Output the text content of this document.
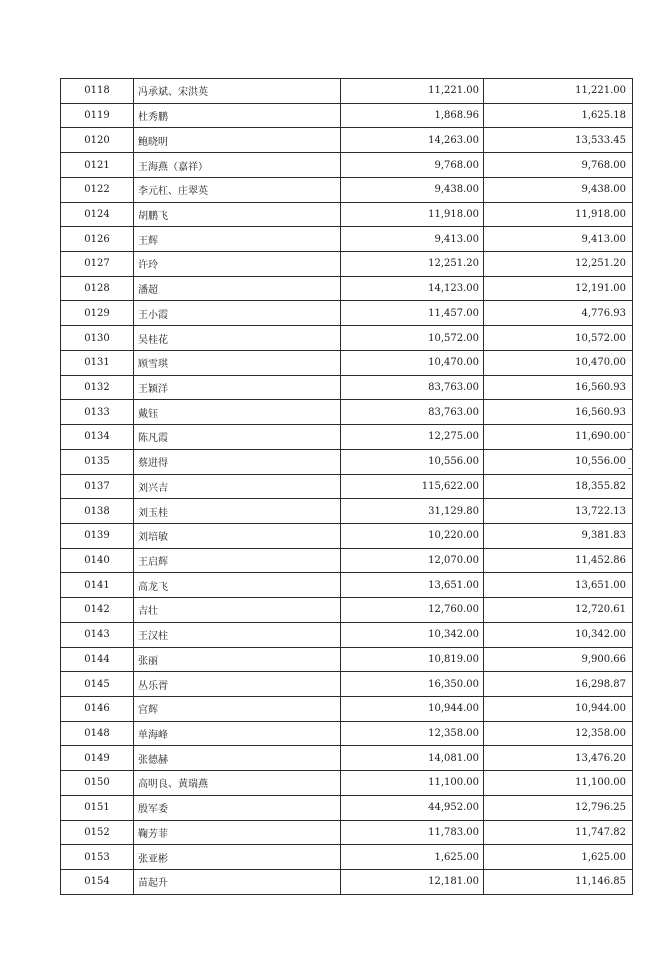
0118	冯承斌、宋洪英	11,221.00	11,221.00
0119	杜秀鹏	1,868.96	1,625.18
0120	鲍晓明	14,263.00	13,533.45
0121	王海燕（嘉祥）	9,768.00	9,768.00
0122	李元杠、庄翠英	9,438.00	9,438.00
0124	胡鹏飞	11,918.00	11,918.00
0126	王辉	9,413.00	9,413.00
0127	许玲	12,251.20	12,251.20
0128	潘超	14,123.00	12,191.00
0129	王小霞	11,457.00	4,776.93
0130	吴桂花	10,572.00	10,572.00
0131	顾雪琪	10,470.00	10,470.00
0132	王颖洋	83,763.00	16,560.93
0133	戴钰	83,763.00	16,560.93
0134	陈凡霞	12,275.00	11,690.00
0135	蔡进得	10,556.00	10,556.00
0137	刘兴吉	115,622.00	18,355.82
0138	刘玉桂	31,129.80	13,722.13
0139	刘培敏	10,220.00	9,381.83
0140	王启辉	12,070.00	11,452.86
0141	高龙飞	13,651.00	13,651.00
0142	吉壮	12,760.00	12,720.61
0143	王汉柱	10,342.00	10,342.00
0144	张丽	10,819.00	9,900.66
0145	丛乐胥	16,350.00	16,298.87
0146	宫辉	10,944.00	10,944.00
0148	单海峰	12,358.00	12,358.00
0149	张德赫	14,081.00	13,476.20
0150	高明良、黄瑞燕	11,100.00	11,100.00
0151	殷军委	44,952.00	12,796.25
0152	鞠芳菲	11,783.00	11,747.82
0153	张亚彬	1,625.00	1,625.00
0154	苗起升	12,181.00	11,146.85
